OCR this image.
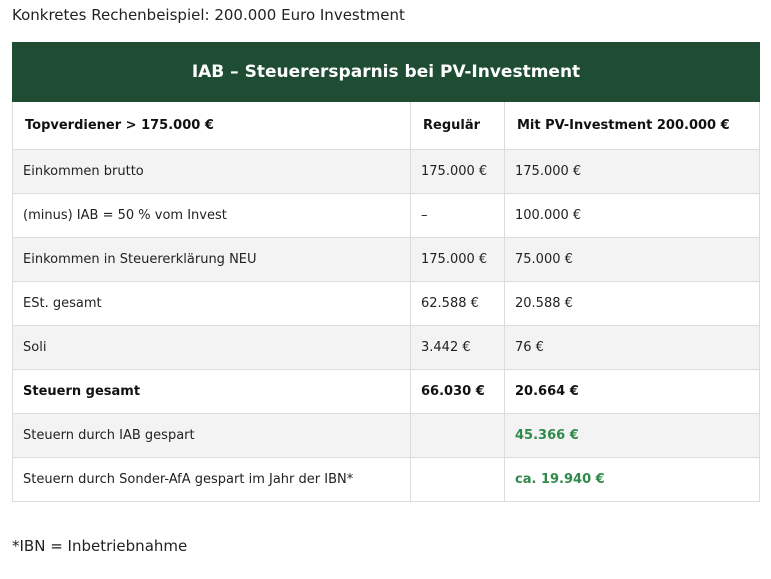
Konkretes Rechenbeispiel: 200.000 Euro Investment
IAB – Steuerersparnis bei PV-Investment		
Topverdiener > 175.000 €	Regulär	Mit PV-Investment 200.000 €
Einkommen brutto	175.000 €	175.000 €
(minus) IAB = 50 % vom Invest	–	100.000 €
Einkommen in Steuererklärung NEU	175.000 €	75.000 €
ESt. gesamt	62.588 €	20.588 €
Soli	3.442 €	76 €
Steuern gesamt	66.030 €	20.664 €
Steuern durch IAB gespart		45.366 €
Steuern durch Sonder-AfA gespart im Jahr der IBN*		ca. 19.940 €
*IBN = Inbetriebnahme
